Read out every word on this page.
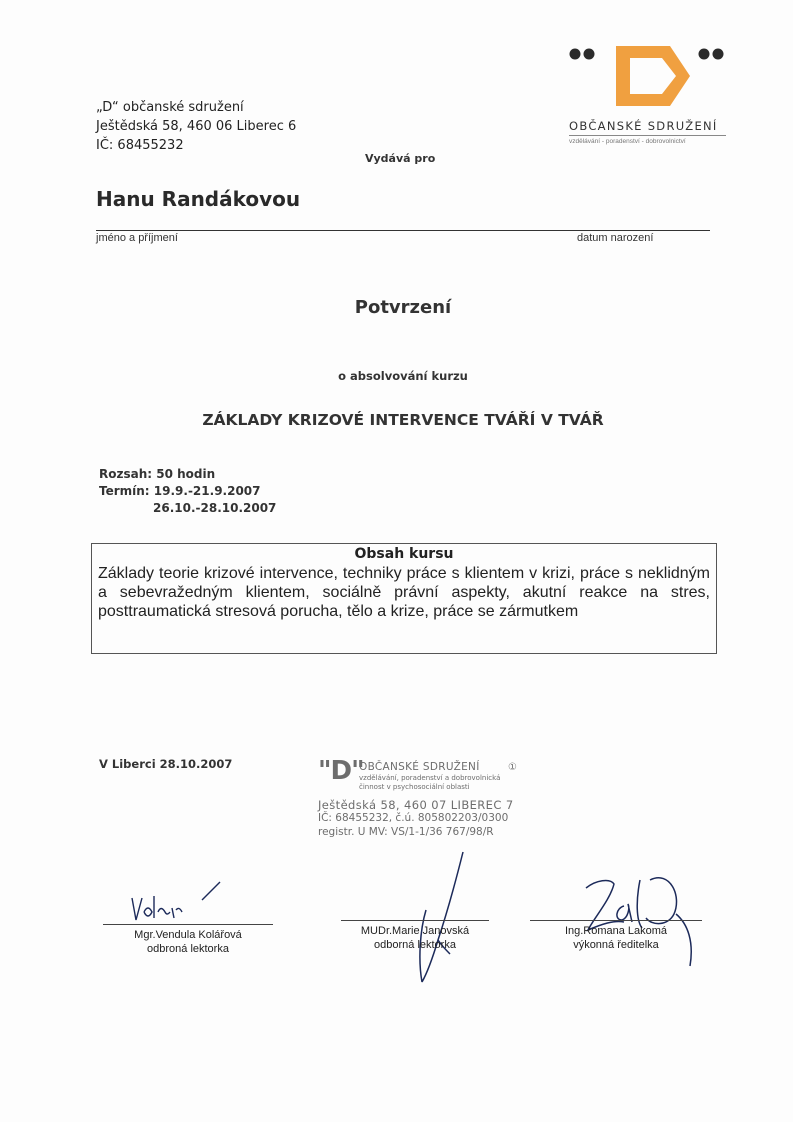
„D“ občanské sdružení
Ještědská 58, 460 06 Liberec 6
IČ: 68455232
OBČANSKÉ SDRUŽENÍ
vzdělávání - poradenství - dobrovolnictví
Vydává pro
Hanu Randákovou
jméno a příjmení	datum narození
Potvrzení
o absolvování kurzu
ZÁKLADY KRIZOVÉ INTERVENCE TVÁŘÍ V TVÁŘ
Rozsah: 50 hodin
Termín: 19.9.-21.9.2007
26.10.-28.10.2007
Obsah kursu
Základy teorie krizové intervence, techniky práce s klientem v krizi, práce s neklidným a sebevražedným klientem, sociálně právní aspekty, akutní reakce na stres, posttraumatická stresová porucha, tělo a krize, práce se zármutkem
V Liberci 28.10.2007	"D"
OBČANSKÉ SDRUŽENÍ	①
vzdělávání, poradenství a dobrovolnická
činnost v psychosociální oblasti
Ještědská 58, 460 07 LIBEREC 7
IČ: 68455232, č.ú. 805802203/0300
registr. U MV: VS/1-1/36 767/98/R
Mgr.Vendula Kolářová
odbroná lektorka
MUDr.Marie Janovská
odborná lektorka
Ing.Romana Lakomá
výkonná ředitelka
